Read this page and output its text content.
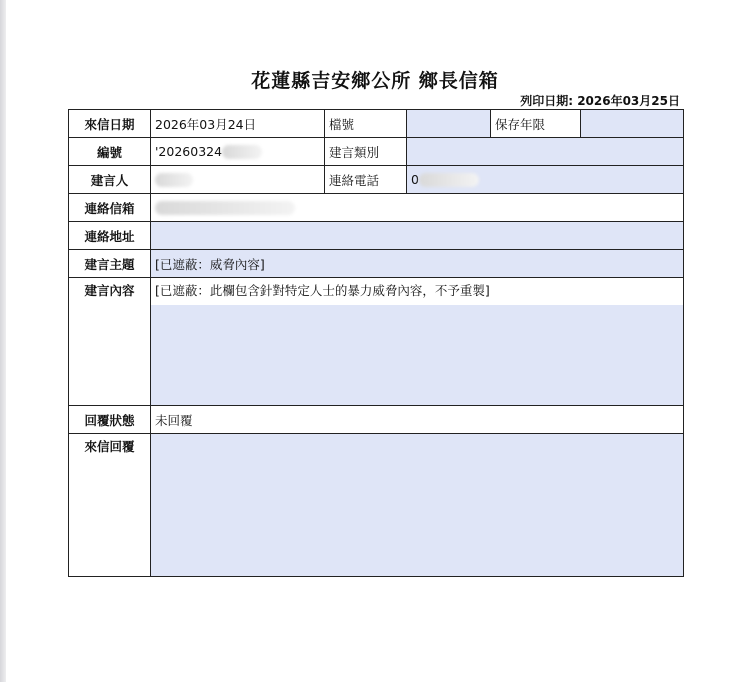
花蓮縣吉安鄉公所 鄉長信箱
列印日期: 2026年03月25日
來信日期	2026年03月24日	檔號		保存年限	
編號	'20260324	建言類別			
建言人		連絡電話	0		
連絡信箱					
連絡地址					
建言主題	[已遮蔽：威脅內容]				
建言內容	[已遮蔽：此欄包含針對特定人士的暴力威脅內容，不予重製]				

回覆狀態	未回覆				
來信回覆					
